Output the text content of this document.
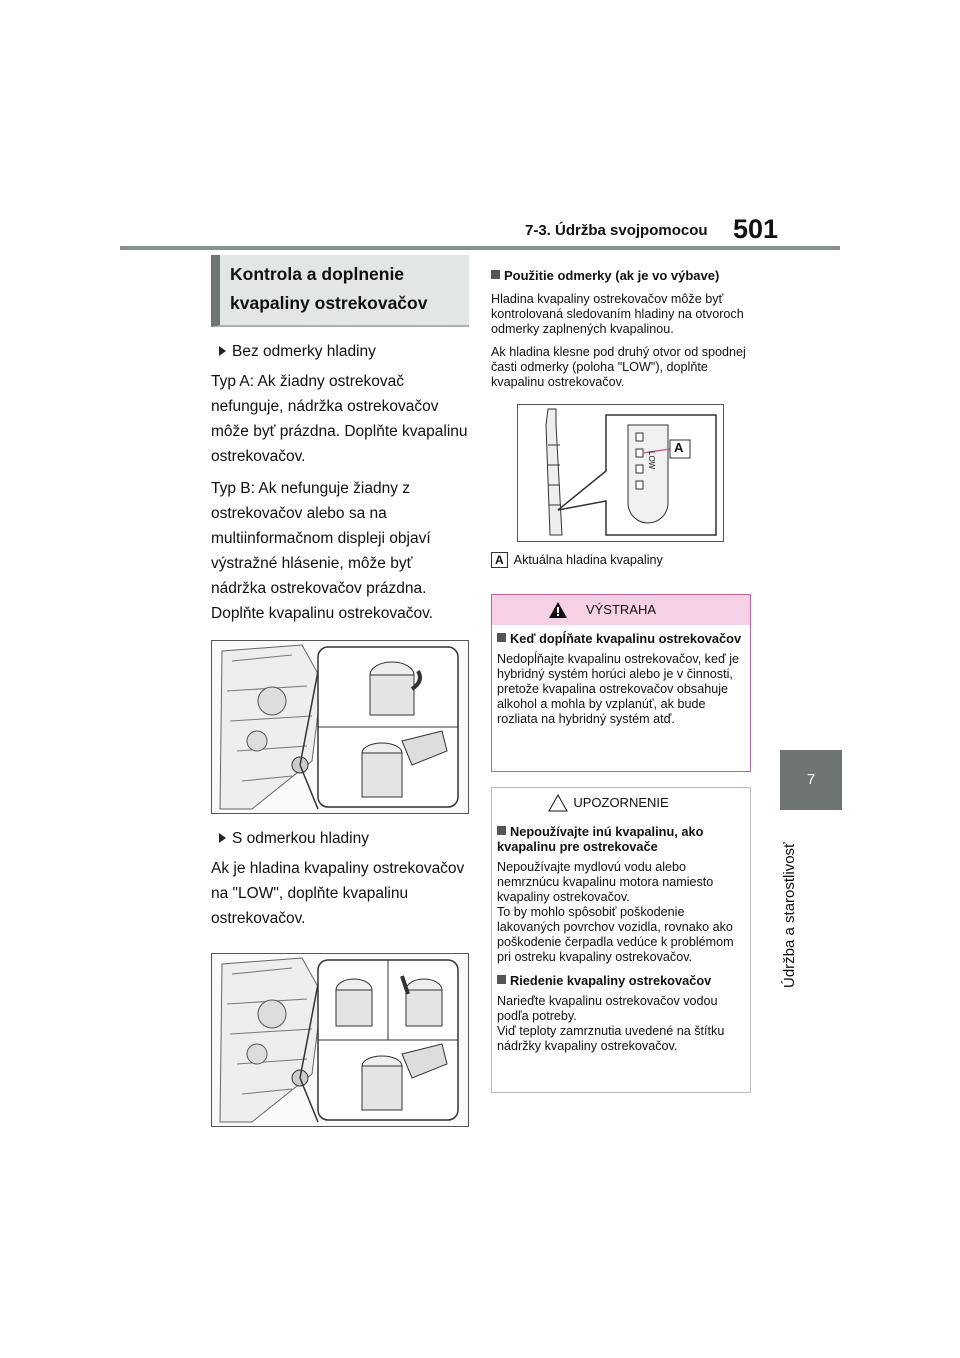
7-3. Údržba svojpomocou 501
7
Údržba a starostlivosť
Kontrola a doplnenie kvapaliny ostrekovačov
Bez odmerky hladiny

Typ A: Ak žiadny ostrekovač nefunguje, nádržka ostrekovačov môže byť prázdna. Doplňte kvapalinu ostrekovačov.

Typ B: Ak nefunguje žiadny z ostrekovačov alebo sa na multiinformačnom displeji objaví výstražné hlásenie, môže byť nádržka ostrekovačov prázdna. Doplňte kvapalinu ostrekovačov.

S odmerkou hladiny

Ak je hladina kvapaliny ostrekovačov na "LOW", doplňte kvapalinu ostrekovačov.

Použitie odmerky (ak je vo výbave)

Hladina kvapaliny ostrekovačov môže byť kontrolovaná sledovaním hladiny na otvoroch odmerky zaplnených kvapalinou.

Ak hladina klesne pod druhý otvor od spodnej časti odmerky (poloha "LOW"), doplňte kvapalinu ostrekovačov.

A
LOW
A Aktuálna hladina kvapaliny
VÝSTRAHA
Keď dopĺňate kvapalinu ostrekovačov

Nedopĺňajte kvapalinu ostrekovačov, keď je hybridný systém horúci alebo je v činnosti, pretože kvapalina ostrekovačov obsahuje alkohol a mohla by vzplanúť, ak bude rozliata na hybridný systém atď.

UPOZORNENIE
Nepoužívajte inú kvapalinu, ako kvapalinu pre ostrekovače

Nepoužívajte mydlovú vodu alebo nemrznúcu kvapalinu motora namiesto kvapaliny ostrekovačov.
To by mohlo spôsobiť poškodenie lakovaných povrchov vozidla, rovnako ako poškodenie čerpadla vedúce k problémom pri ostreku kvapaliny ostrekovačov.

Riedenie kvapaliny ostrekovačov

Narieďte kvapalinu ostrekovačov vodou podľa potreby.
Viď teploty zamrznutia uvedené na štítku nádržky kvapaliny ostrekovačov.
